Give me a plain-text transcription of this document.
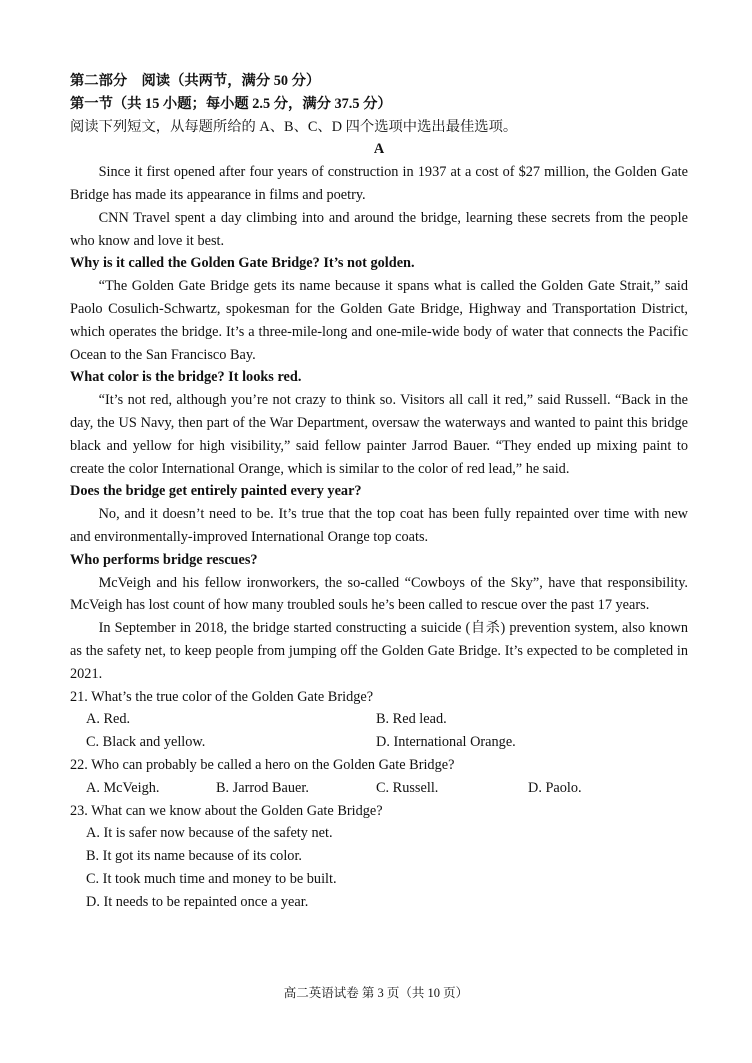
第二部分　阅读（共两节，满分 50 分）
第一节（共 15 小题；每小题 2.5 分，满分 37.5 分）
阅读下列短文，从每题所给的 A、B、C、D 四个选项中选出最佳选项。
A

Since it first opened after four years of construction in 1937 at a cost of $27 million, the Golden Gate Bridge has made its appearance in films and poetry.

CNN Travel spent a day climbing into and around the bridge, learning these secrets from the people who know and love it best.

Why is it called the Golden Gate Bridge? It’s not golden.

“The Golden Gate Bridge gets its name because it spans what is called the Golden Gate Strait,” said Paolo Cosulich-Schwartz, spokesman for the Golden Gate Bridge, Highway and Transportation District, which operates the bridge. It’s a three-mile-long and one-mile-wide body of water that connects the Pacific Ocean to the San Francisco Bay.

What color is the bridge? It looks red.

“It’s not red, although you’re not crazy to think so. Visitors all call it red,” said Russell. “Back in the day, the US Navy, then part of the War Department, oversaw the waterways and wanted to paint this bridge black and yellow for high visibility,” said fellow painter Jarrod Bauer. “They ended up mixing paint to create the color International Orange, which is similar to the color of red lead,” he said.

Does the bridge get entirely painted every year?

No, and it doesn’t need to be. It’s true that the top coat has been fully repainted over time with new and environmentally-improved International Orange top coats.

Who performs bridge rescues?

McVeigh and his fellow ironworkers, the so-called “Cowboys of the Sky”, have that responsibility. McVeigh has lost count of how many troubled souls he’s been called to rescue over the past 17 years.

In September in 2018, the bridge started constructing a suicide (自杀) prevention system, also known as the safety net, to keep people from jumping off the Golden Gate Bridge. It’s expected to be completed in 2021.

21. What’s the true color of the Golden Gate Bridge?

A. Red.	B. Red lead.
C. Black and yellow.	D. International Orange.

22. Who can probably be called a hero on the Golden Gate Bridge?

A. McVeigh.	B. Jarrod Bauer.	C. Russell.	D. Paolo.

23. What can we know about the Golden Gate Bridge?

A. It is safer now because of the safety net.
B. It got its name because of its color.
C. It took much time and money to be built.
D. It needs to be repainted once a year.
高二英语试卷 第 3 页（共 10 页）
